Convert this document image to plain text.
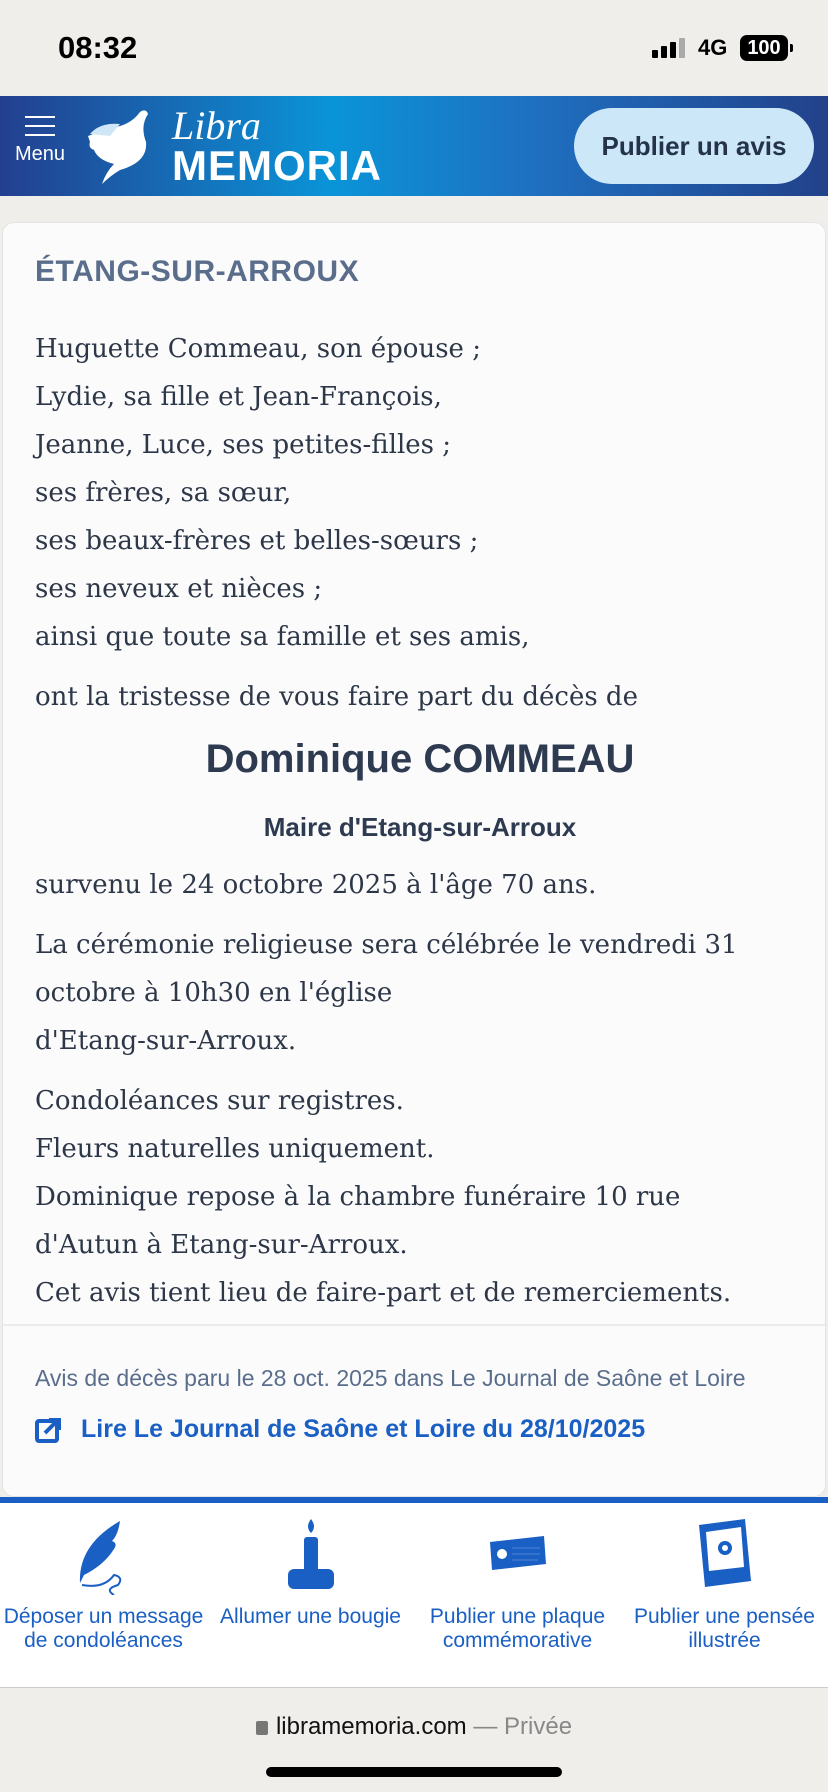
08:32	4G 100
Menu
Libra
MEMORIA	Publier un avis
ÉTANG-SUR-ARROUX

Huguette Commeau, son épouse ;
Lydie, sa fille et Jean-François,
Jeanne, Luce, ses petites-filles ;
ses frères, sa sœur,
ses beaux-frères et belles-sœurs ;
ses neveux et nièces ;
ainsi que toute sa famille et ses amis,

ont la tristesse de vous faire part du décès de

Dominique COMMEAU

Maire d'Etang-sur-Arroux

survenu le 24 octobre 2025 à l'âge 70 ans.

La cérémonie religieuse sera célébrée le vendredi 31
octobre à 10h30 en l'église
d'Etang-sur-Arroux.

Condoléances sur registres.
Fleurs naturelles uniquement.
Dominique repose à la chambre funéraire 10 rue
d'Autun à Etang-sur-Arroux.
Cet avis tient lieu de faire-part et de remerciements.

Avis de décès paru le 28 oct. 2025 dans Le Journal de Saône et Loire
Lire Le Journal de Saône et Loire du 28/10/2025
Déposer un message de condoléances
Allumer une bougie	Publier une plaque commémorative
Publier une pensée illustrée
libramemoria.com — Privée
